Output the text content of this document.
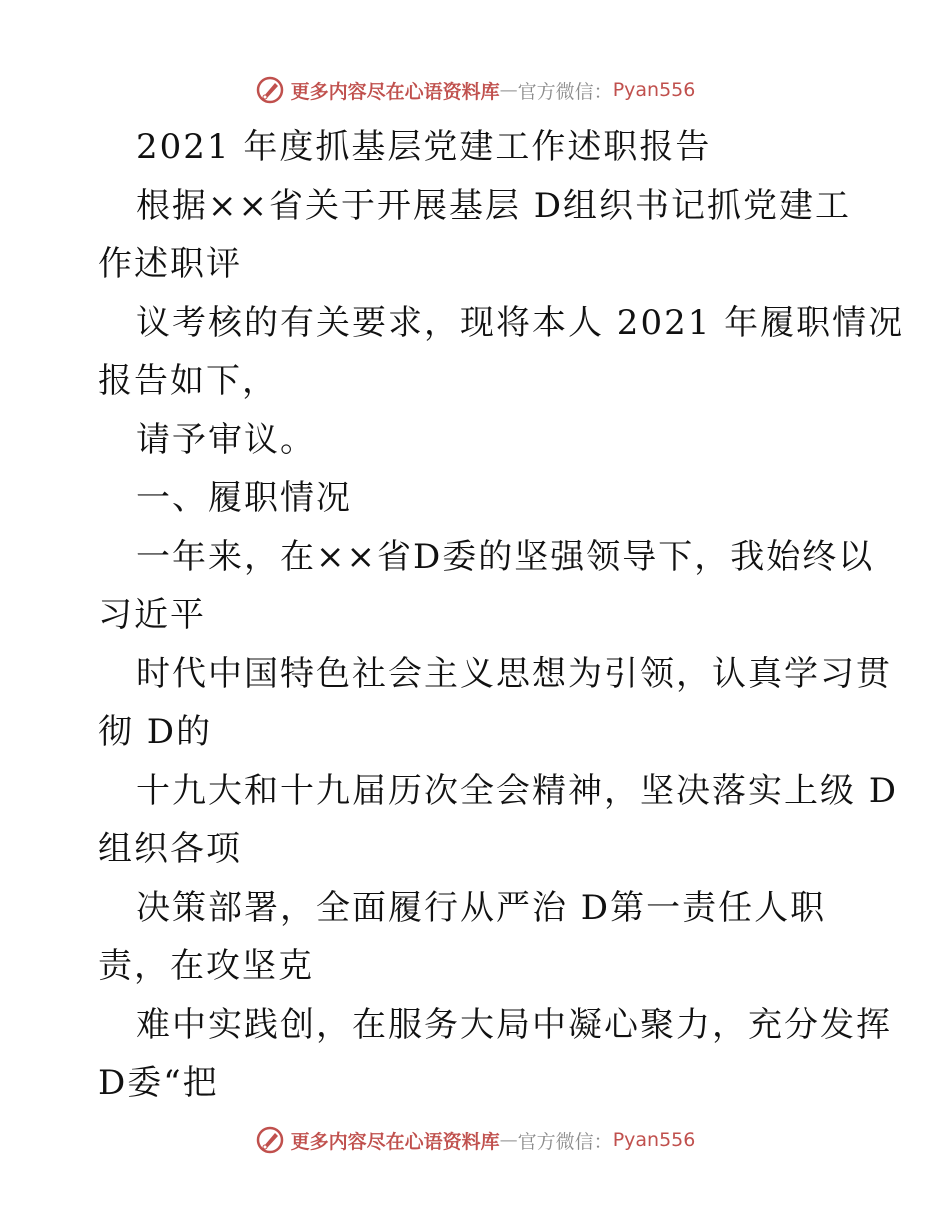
更多内容尽在心语资料库 — 官方微信 ： Pyan556
2021 年度抓基层党建工作述职报告
根据××省关于开展基层 D组织书记抓党建工
作述职评
议考核的有关要求，现将本人 2021 年履职情况
报告如下，
请予审议。
一、履职情况
一年来，在××省D委的坚强领导下，我始终以
习近平
时代中国特色社会主义思想为引领，认真学习贯
彻 D的
十九大和十九届历次全会精神，坚决落实上级 D
组织各项
决策部署，全面履行从严治 D第一责任人职
责，在攻坚克
难中实践创，在服务大局中凝心聚力，充分发挥
D委“把
更多内容尽在心语资料库 — 官方微信 ： Pyan556
